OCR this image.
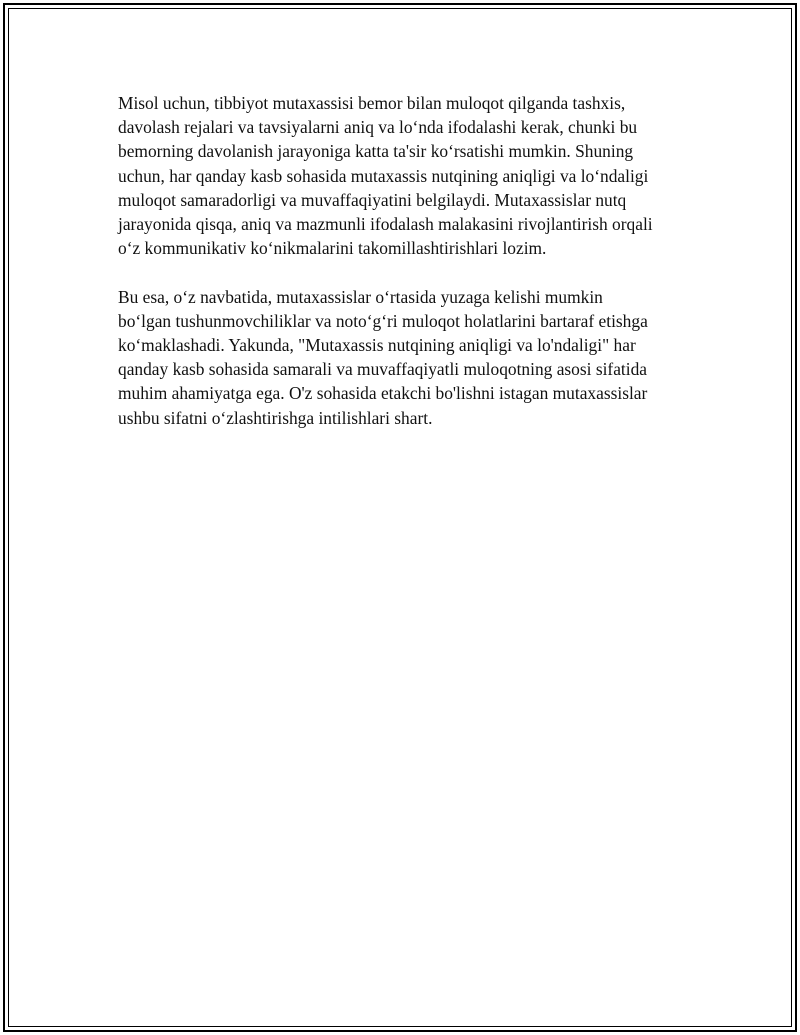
Misol uchun, tibbiyot mutaxassisi bemor bilan muloqot qilganda tashxis,
davolash rejalari va tavsiyalarni aniq va lo‘nda ifodalashi kerak, chunki bu
bemorning davolanish jarayoniga katta ta'sir ko‘rsatishi mumkin. Shuning
uchun, har qanday kasb sohasida mutaxassis nutqining aniqligi va lo‘ndaligi
muloqot samaradorligi va muvaffaqiyatini belgilaydi. Mutaxassislar nutq
jarayonida qisqa, aniq va mazmunli ifodalash malakasini rivojlantirish orqali
o‘z kommunikativ ko‘nikmalarini takomillashtirishlari lozim.

Bu esa, o‘z navbatida, mutaxassislar o‘rtasida yuzaga kelishi mumkin
bo‘lgan tushunmovchiliklar va noto‘g‘ri muloqot holatlarini bartaraf etishga
ko‘maklashadi. Yakunda, "Mutaxassis nutqining aniqligi va lo'ndaligi" har
qanday kasb sohasida samarali va muvaffaqiyatli muloqotning asosi sifatida
muhim ahamiyatga ega. O'z sohasida etakchi bo'lishni istagan mutaxassislar
ushbu sifatni o‘zlashtirishga intilishlari shart.
